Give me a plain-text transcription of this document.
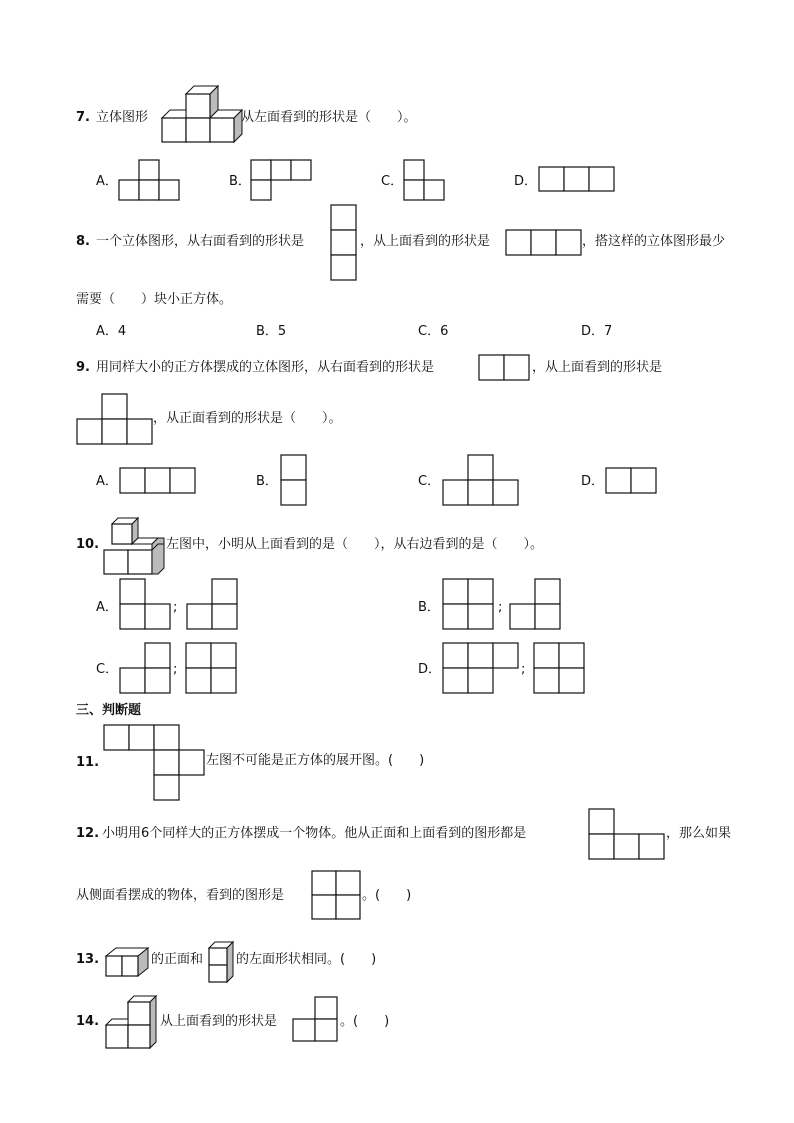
7. 立体图形	从左面看到的形状是（　　）。
A．	B．	C．	D．
8. 一个立体图形，从右面看到的形状是	，从上面看到的形状是	，搭这样的立体图形最少
需要（　　）块小正方体。
A．4	B．5	C．6	D．7
9. 用同样大小的正方体摆成的立体图形，从右面看到的形状是	，从上面看到的形状是
，从正面看到的形状是（　　）。
A．	B．	C．	D．
10.	左图中，小明从上面看到的是（　　），从右边看到的是（　　）。
A．	;	B．	;
C．	;	D．	;
三、判断题
11.	左图不可能是正方体的展开图。(　　)
12. 小明用6个同样大的正方体摆成一个物体。他从正面和上面看到的图形都是	，那么如果
从侧面看摆成的物体，看到的图形是	。(　　)
13.	的正面和	的左面形状相同。(　　)
14.	从上面看到的形状是	。(　　)
